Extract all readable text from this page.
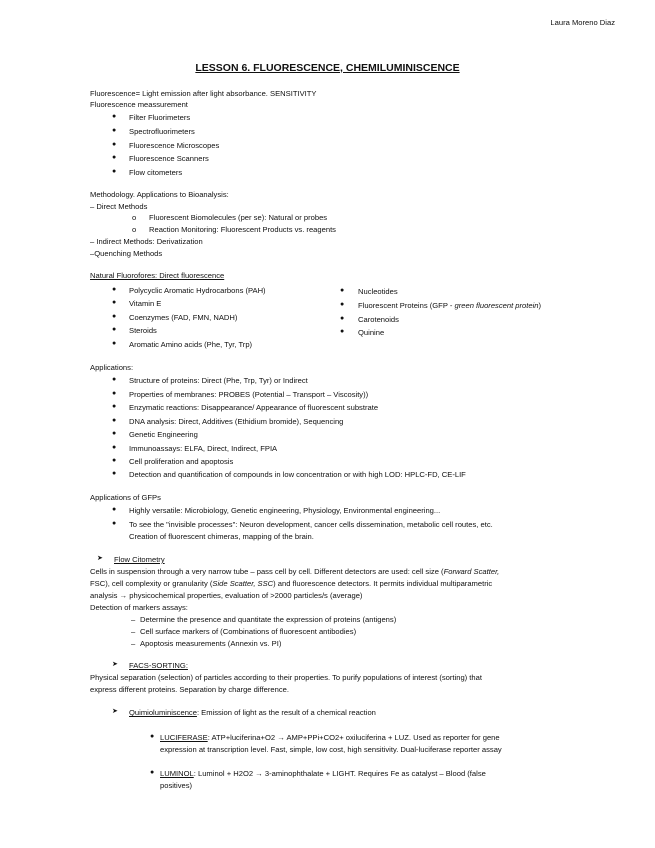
Laura Moreno Diaz
LESSON 6. FLUORESCENCE, CHEMILUMINISCENCE
Fluorescence= Light emission after light absorbance. SENSITIVITY
Fluorescence meassurement
● Filter Fluorimeters
● Spectrofluorimeters
● Fluorescence Microscopes
● Fluorescence Scanners
● Flow citometers
Methodology. Applications to Bioanalysis:
– Direct Methods
o Fluorescent Biomolecules (per se): Natural or probes
o Reaction Monitoring: Fluorescent Products vs. reagents
– Indirect Methods: Derivatization
–Quenching Methods
Natural Fluorofores: Direct fluorescence
● Polycyclic Aromatic Hydrocarbons (PAH)
● Vitamin E
● Coenzymes (FAD, FMN, NADH)
● Steroids
● Aromatic Amino acids (Phe, Tyr, Trp)
● Nucleotides
● Fluorescent Proteins (GFP - green fluorescent protein)
● Carotenoids
● Quinine
Applications:
● Structure of proteins: Direct (Phe, Trp, Tyr) or Indirect
● Properties of membranes: PROBES (Potential – Transport – Viscosity))
● Enzymatic reactions: Disappearance/ Appearance of fluorescent substrate
● DNA analysis: Direct, Additives (Ethidium bromide), Sequencing
● Genetic Engineering
● Immunoassays: ELFA, Direct, Indirect, FPIA
● Cell proliferation and apoptosis
● Detection and quantification of compounds in low concentration or with high LOD: HPLC-FD, CE-LIF
Applications of GFPs
● Highly versatile: Microbiology, Genetic engineering, Physiology, Environmental engineering...
● To see the "invisible processes": Neuron development, cancer cells dissemination, metabolic cell routes, etc.
Creation of fluorescent chimeras, mapping of the brain.
➤ Flow Citometry
Cells in suspension through a very narrow tube – pass cell by cell. Different detectors are used: cell size (Forward Scatter,
FSC), cell complexity or granularity (Side Scatter, SSC) and fluorescence detectors. It permits individual multiparametric
analysis → physicochemical properties, evaluation of >2000 particles/s (average)
Detection of markers assays:
– Determine the presence and quantitate the expression of proteins (antigens)
– Cell surface markers of (Combinations of fluorescent antibodies)
– Apoptosis measurements (Annexin vs. PI)
➤ FACS-SORTING:
Physical separation (selection) of particles according to their properties. To purify populations of interest (sorting) that
express different proteins. Separation by charge difference.
➤ Quimioluminiscence: Emission of light as the result of a chemical reaction
● LUCIFERASE: ATP+luciferina+O2 → AMP+PPi+CO2+ oxiluciferina + LUZ. Used as reporter for gene
expression at transcription level. Fast, simple, low cost, high sensitivity. Dual-luciferase reporter assay
● LUMINOL: Luminol + H2O2 → 3-aminophthalate + LIGHT. Requires Fe as catalyst – Blood (false
positives)
